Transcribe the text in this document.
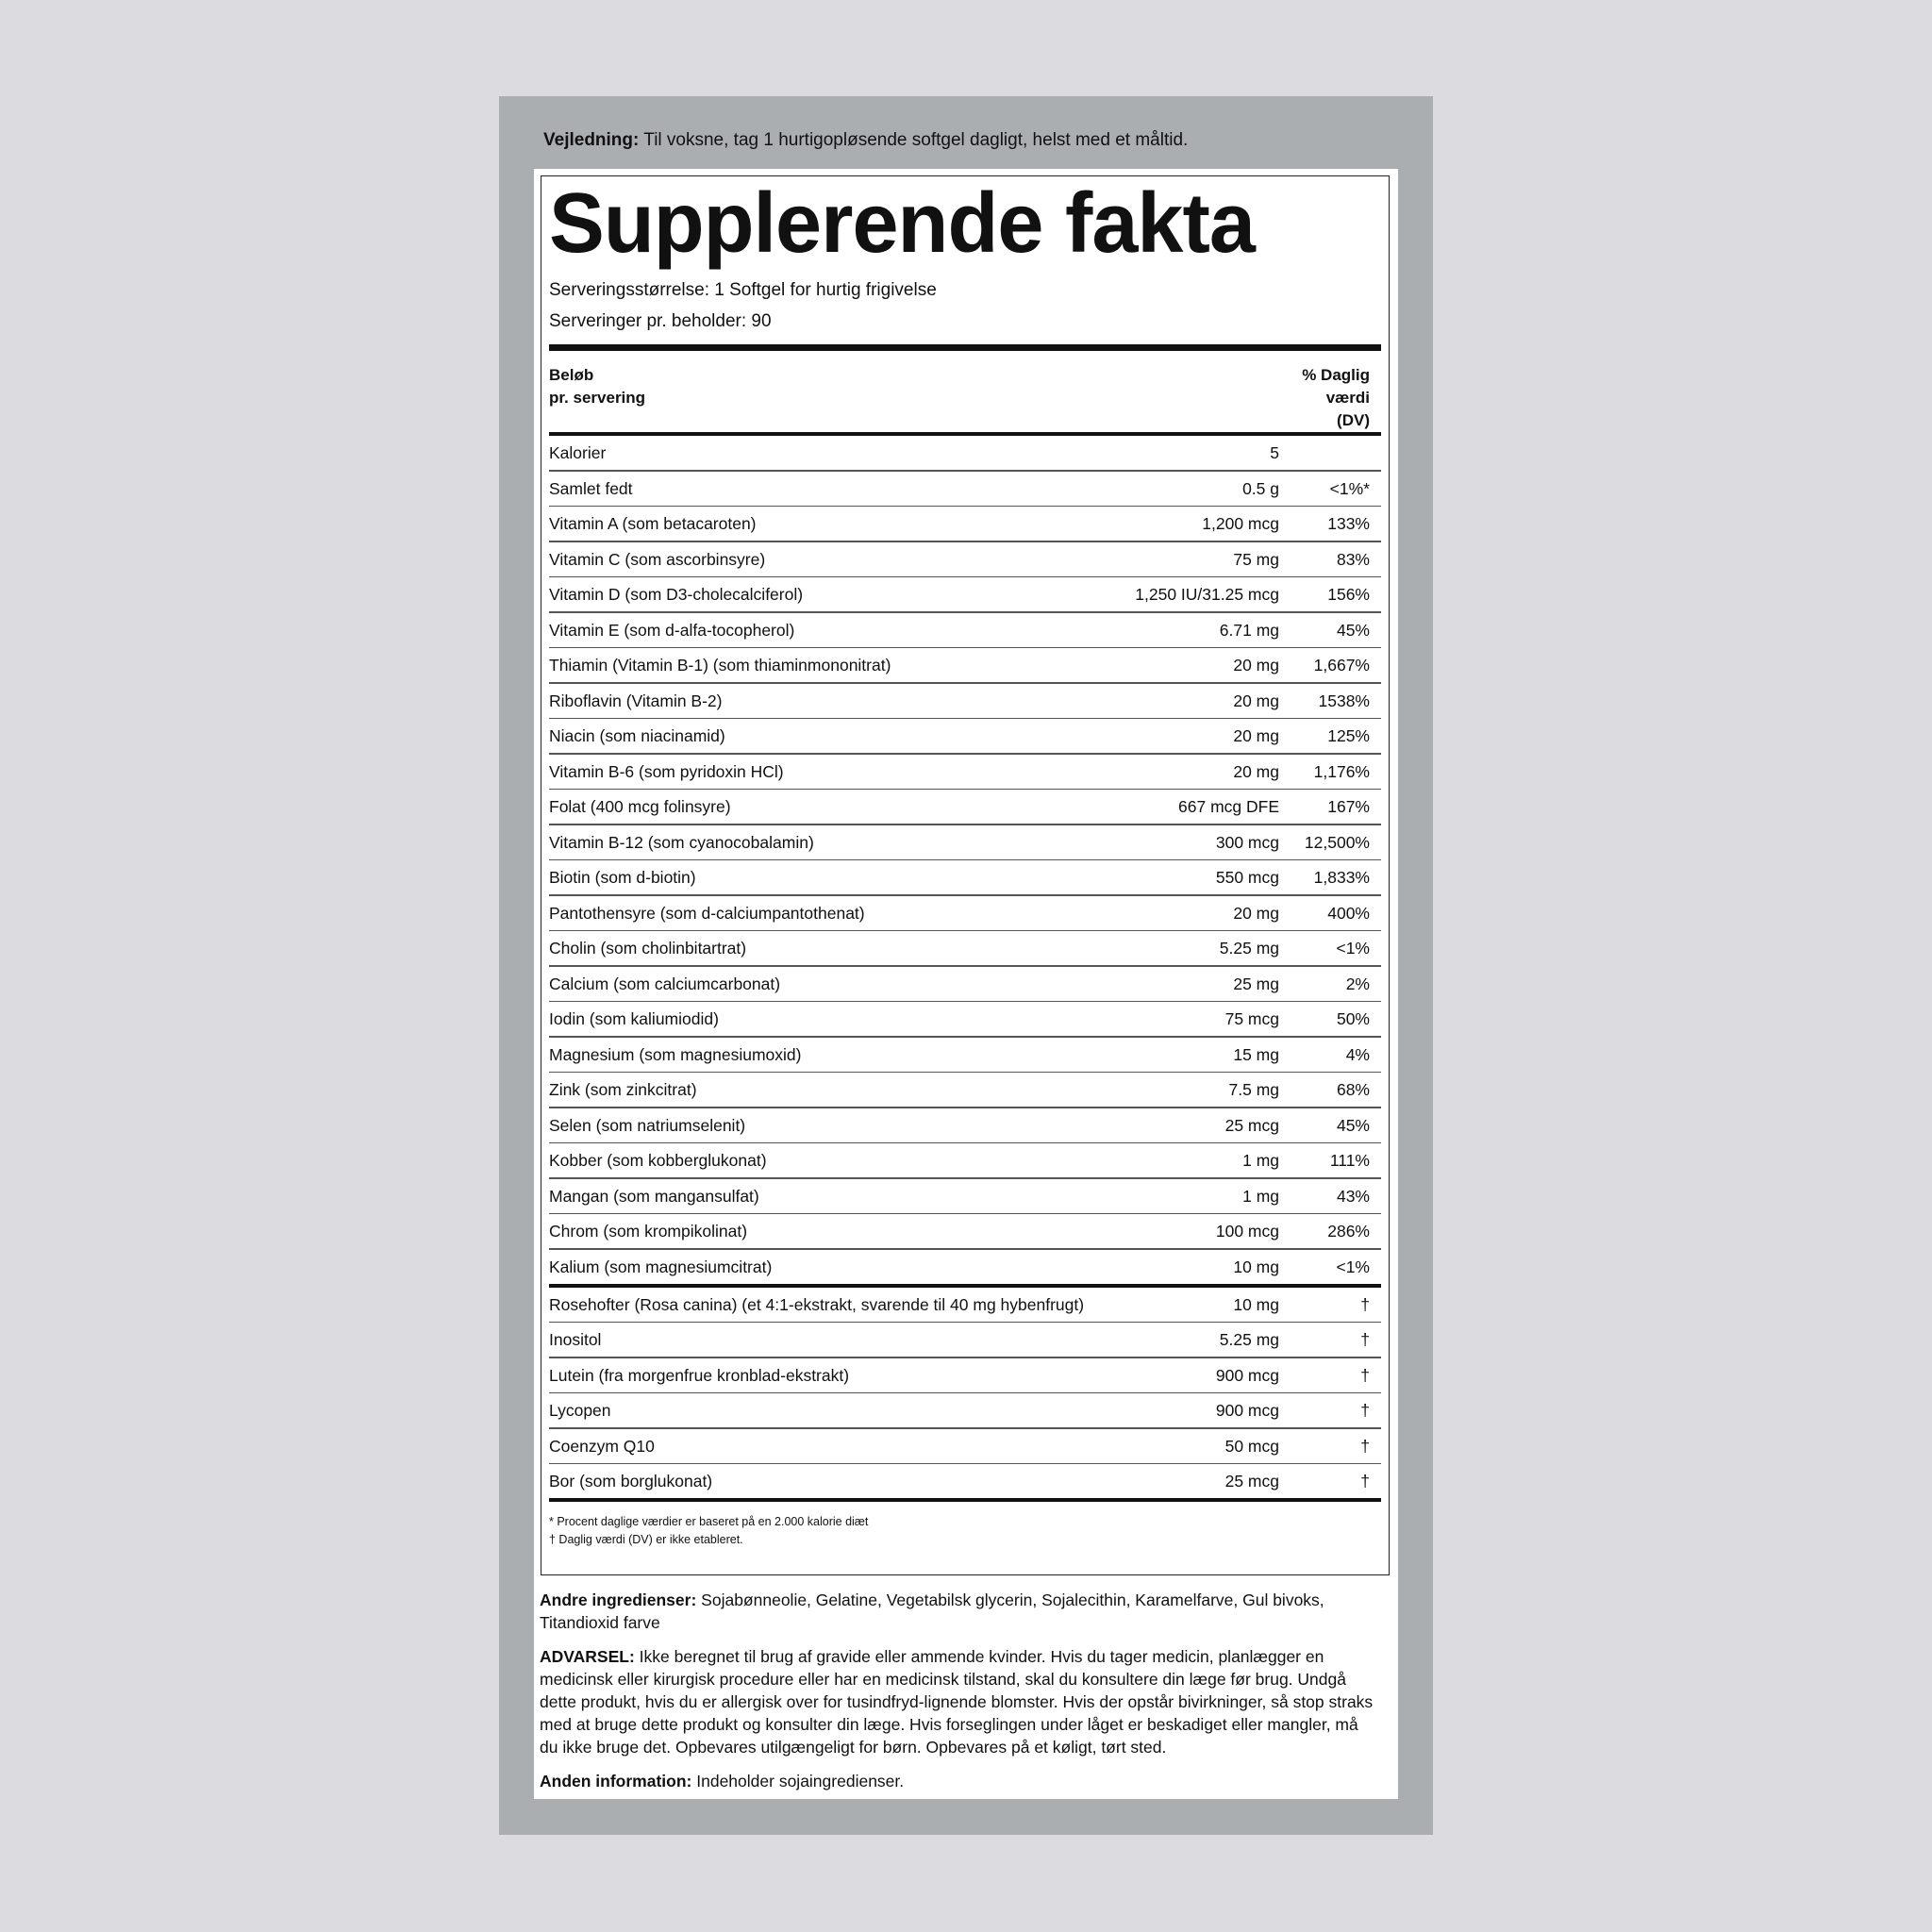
Vejledning: Til voksne, tag 1 hurtigopløsende softgel dagligt, helst med et måltid.
Supplerende fakta
Serveringsstørrelse: 1 Softgel for hurtig frigivelse
Serveringer pr. beholder: 90
Beløb
pr. servering
% Daglig
værdi
(DV)
Kalorier	5
Samlet fedt	0.5 g	<1%*
Vitamin A (som betacaroten)	1,200 mcg	133%
Vitamin C (som ascorbinsyre)	75 mg	83%
Vitamin D (som D3-cholecalciferol)	1,250 IU/31.25 mcg	156%
Vitamin E (som d-alfa-tocopherol)	6.71 mg	45%
Thiamin (Vitamin B-1) (som thiaminmononitrat)	20 mg 1,667%
Riboflavin (Vitamin B-2)	20 mg 1538%
Niacin (som niacinamid)	20 mg	125%
Vitamin B-6 (som pyridoxin HCl)	20 mg 1,176%
Folat (400 mcg folinsyre)	667 mcg DFE	167%
Vitamin B-12 (som cyanocobalamin)	300 mcg 12,500%
Biotin (som d-biotin)	550 mcg 1,833%
Pantothensyre (som d-calciumpantothenat)	20 mg	400%
Cholin (som cholinbitartrat)	5.25 mg	<1%
Calcium (som calciumcarbonat)	25 mg	2%
Iodin (som kaliumiodid)	75 mcg	50%
Magnesium (som magnesiumoxid)	15 mg	4%
Zink (som zinkcitrat)	7.5 mg	68%
Selen (som natriumselenit)	25 mcg	45%
Kobber (som kobberglukonat)	1 mg	111%
Mangan (som mangansulfat)	1 mg	43%
Chrom (som krompikolinat)	100 mcg	286%
Kalium (som magnesiumcitrat)	10 mg	<1%
Rosehofter (Rosa canina) (et 4:1-ekstrakt, svarende til 40 mg hybenfrugt)	10 mg	†
Inositol	5.25 mg	†
Lutein (fra morgenfrue kronblad-ekstrakt)	900 mcg	†
Lycopen	900 mcg	†
Coenzym Q10	50 mcg	†
Bor (som borglukonat)	25 mcg	†
* Procent daglige værdier er baseret på en 2.000 kalorie diæt
† Daglig værdi (DV) er ikke etableret.

Andre ingredienser: Sojabønneolie, Gelatine, Vegetabilsk glycerin, Sojalecithin, Karamelfarve, Gul bivoks, Titandioxid farve

ADVARSEL: Ikke beregnet til brug af gravide eller ammende kvinder. Hvis du tager medicin, planlægger en medicinsk eller kirurgisk procedure eller har en medicinsk tilstand, skal du konsultere din læge før brug. Undgå dette produkt, hvis du er allergisk over for tusindfryd-lignende blomster. Hvis der opstår bivirkninger, så stop straks med at bruge dette produkt og konsulter din læge. Hvis forseglingen under låget er beskadiget eller mangler, må du ikke bruge det. Opbevares utilgængeligt for børn. Opbevares på et køligt, tørt sted.

Anden information: Indeholder sojaingredienser.
